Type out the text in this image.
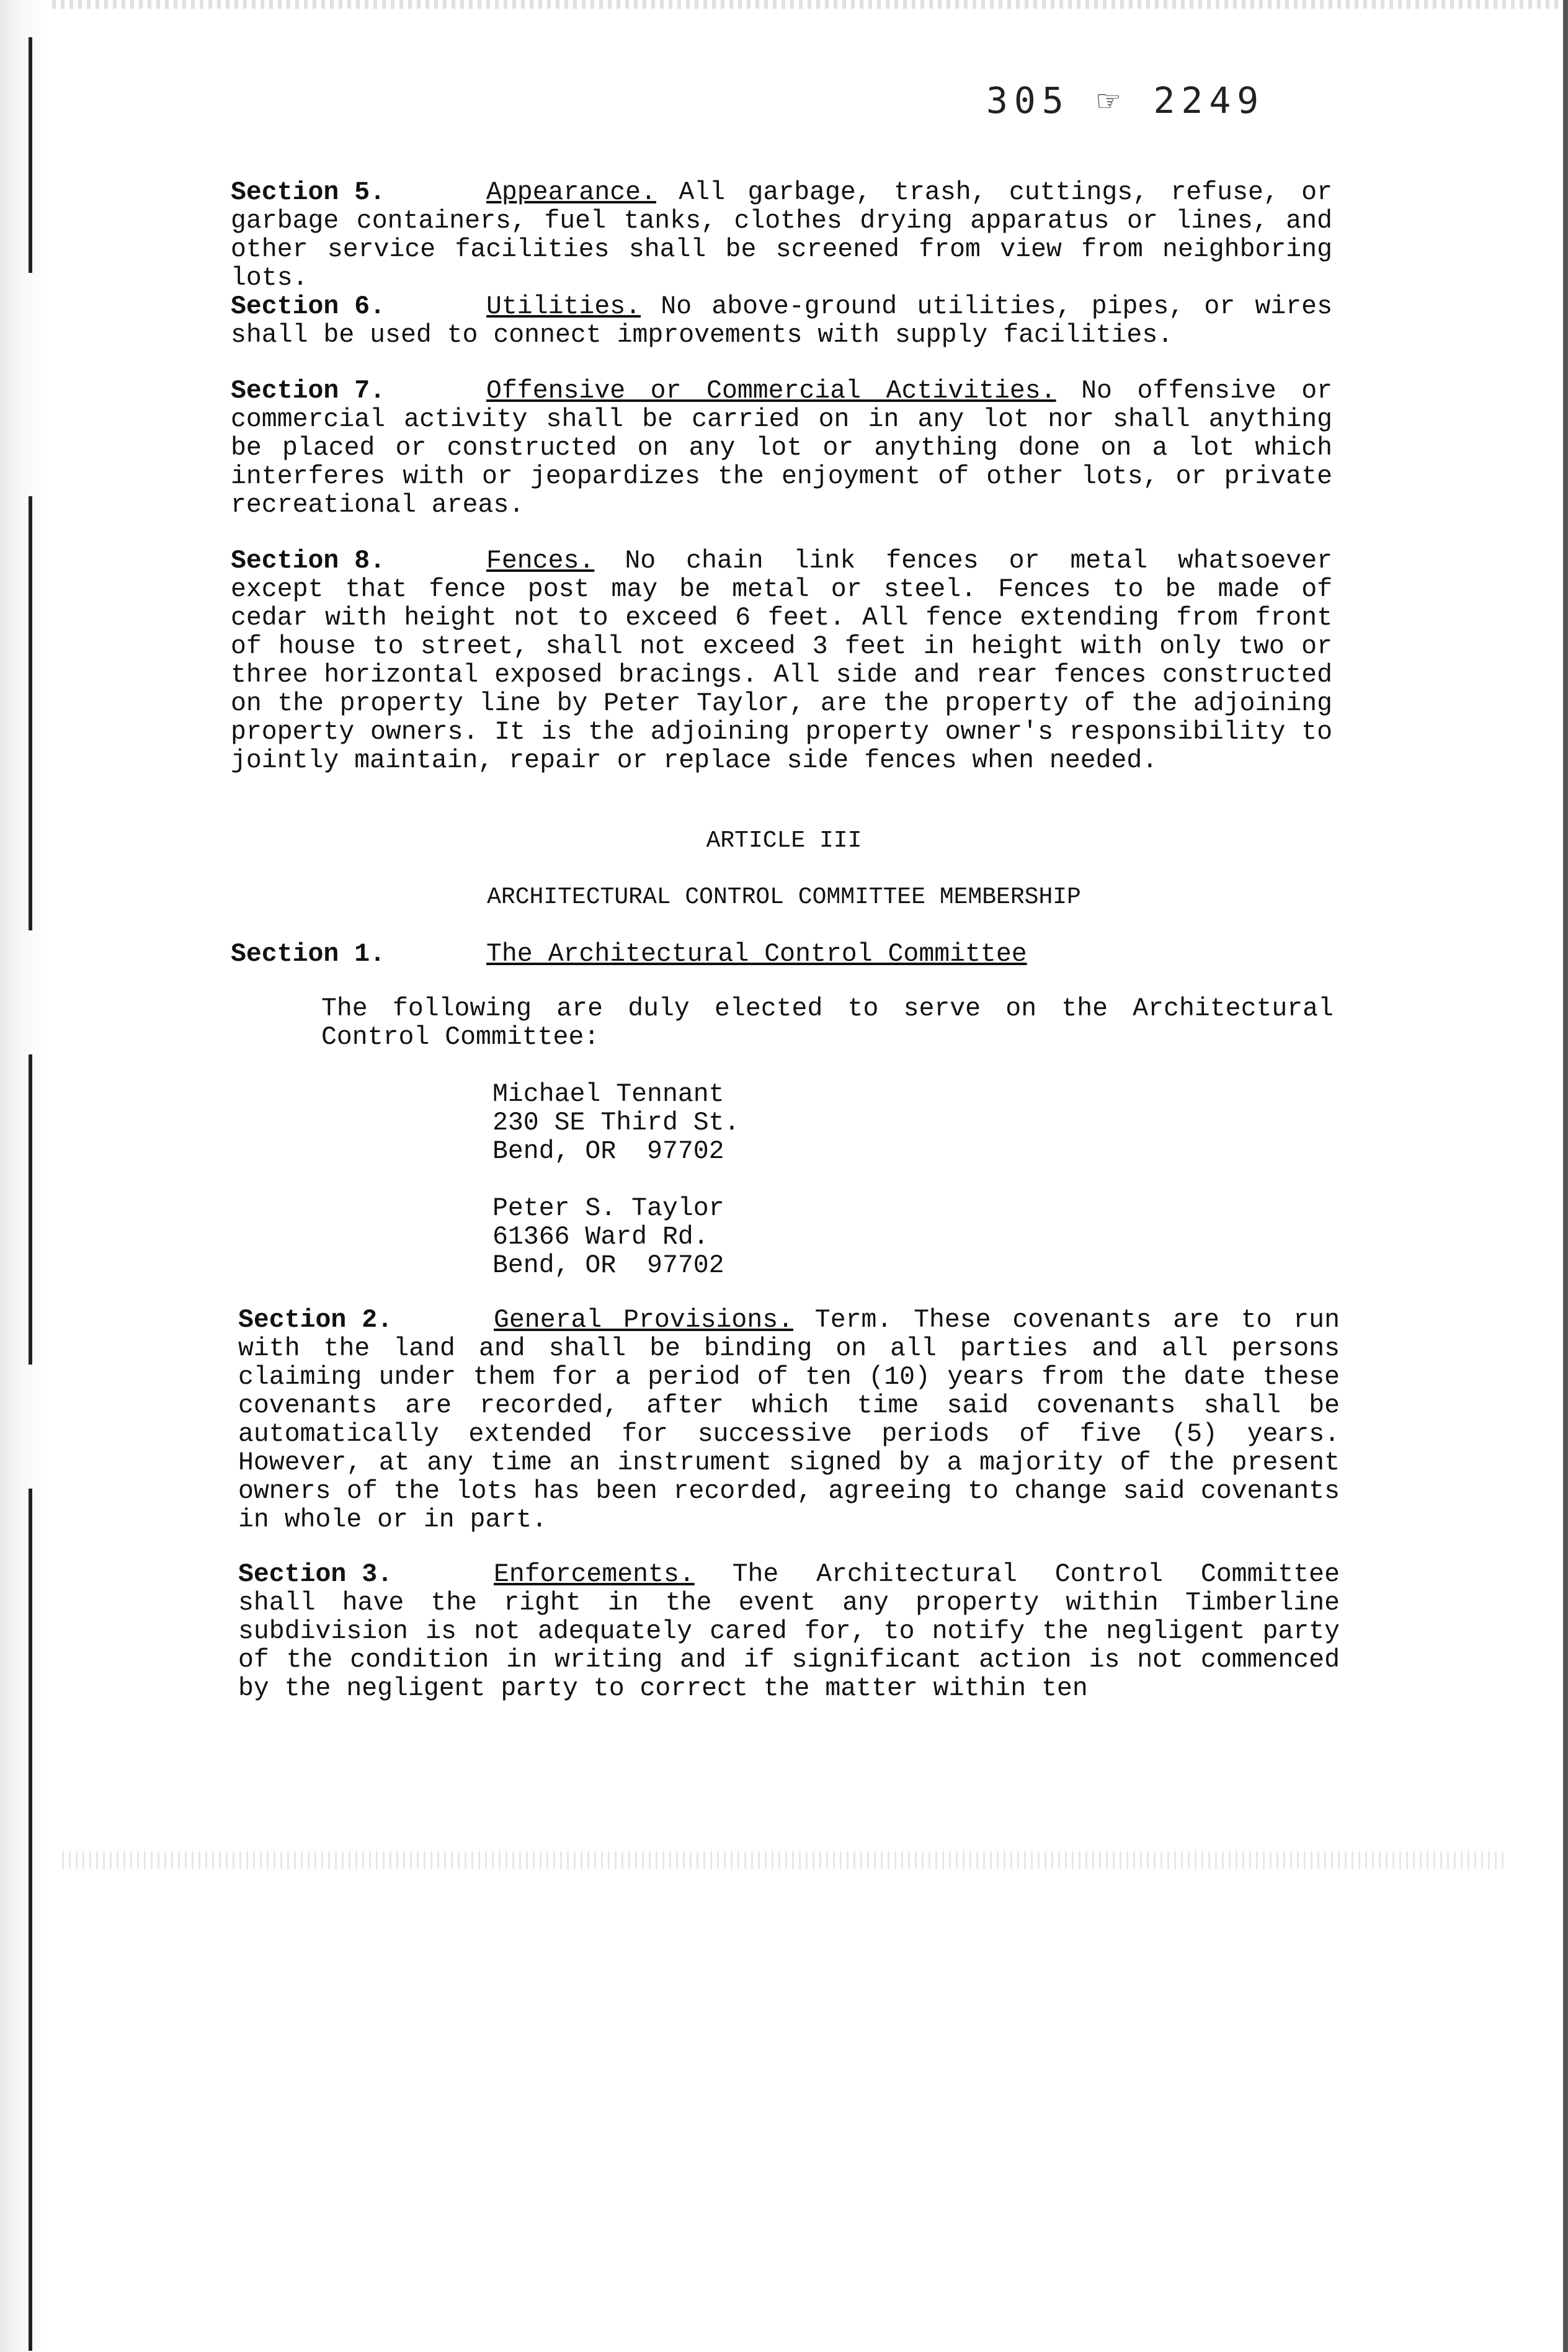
305 ☞ 2249

Section 5.	Appearance. All garbage, trash, cuttings, refuse, or garbage containers, fuel tanks, clothes drying apparatus or lines, and other service facilities shall be screened from view from neighboring lots.

Section 6.	Utilities. No above-ground utilities, pipes, or wires shall be used to connect improvements with supply facilities.

Section 7.	Offensive or Commercial Activities. No offensive or commercial activity shall be carried on in any lot nor shall anything be placed or constructed on any lot or anything done on a lot which interferes with or jeopardizes the enjoyment of other lots, or private recreational areas.

Section 8.	Fences. No chain link fences or metal whatsoever except that fence post may be metal or steel. Fences to be made of cedar with height not to exceed 6 feet. All fence extending from front of house to street, shall not exceed 3 feet in height with only two or three horizontal exposed bracings. All side and rear fences constructed on the property line by Peter Taylor, are the property of the adjoining property owners. It is the adjoining property owner's responsibility to jointly maintain, repair or replace side fences when needed.

ARTICLE III

ARCHITECTURAL CONTROL COMMITTEE MEMBERSHIP

Section 1.	The Architectural Control Committee

The following are duly elected to serve on the Architectural Control Committee:

Michael Tennant
230 SE Third St.
Bend, OR  97702
Peter S. Taylor
61366 Ward Rd.
Bend, OR  97702

Section 2.	General Provisions. Term. These covenants are to run with the land and shall be binding on all parties and all persons claiming under them for a period of ten (10) years from the date these covenants are recorded, after which time said covenants shall be automatically extended for successive periods of five (5) years. However, at any time an instrument signed by a majority of the present owners of the lots has been recorded, agreeing to change said covenants in whole or in part.

Section 3.	Enforcements. The Architectural Control Committee shall have the right in the event any property within Timberline subdivision is not adequately cared for, to notify the negligent party of the condition in writing and if significant action is not commenced by the negligent party to correct the matter within ten
